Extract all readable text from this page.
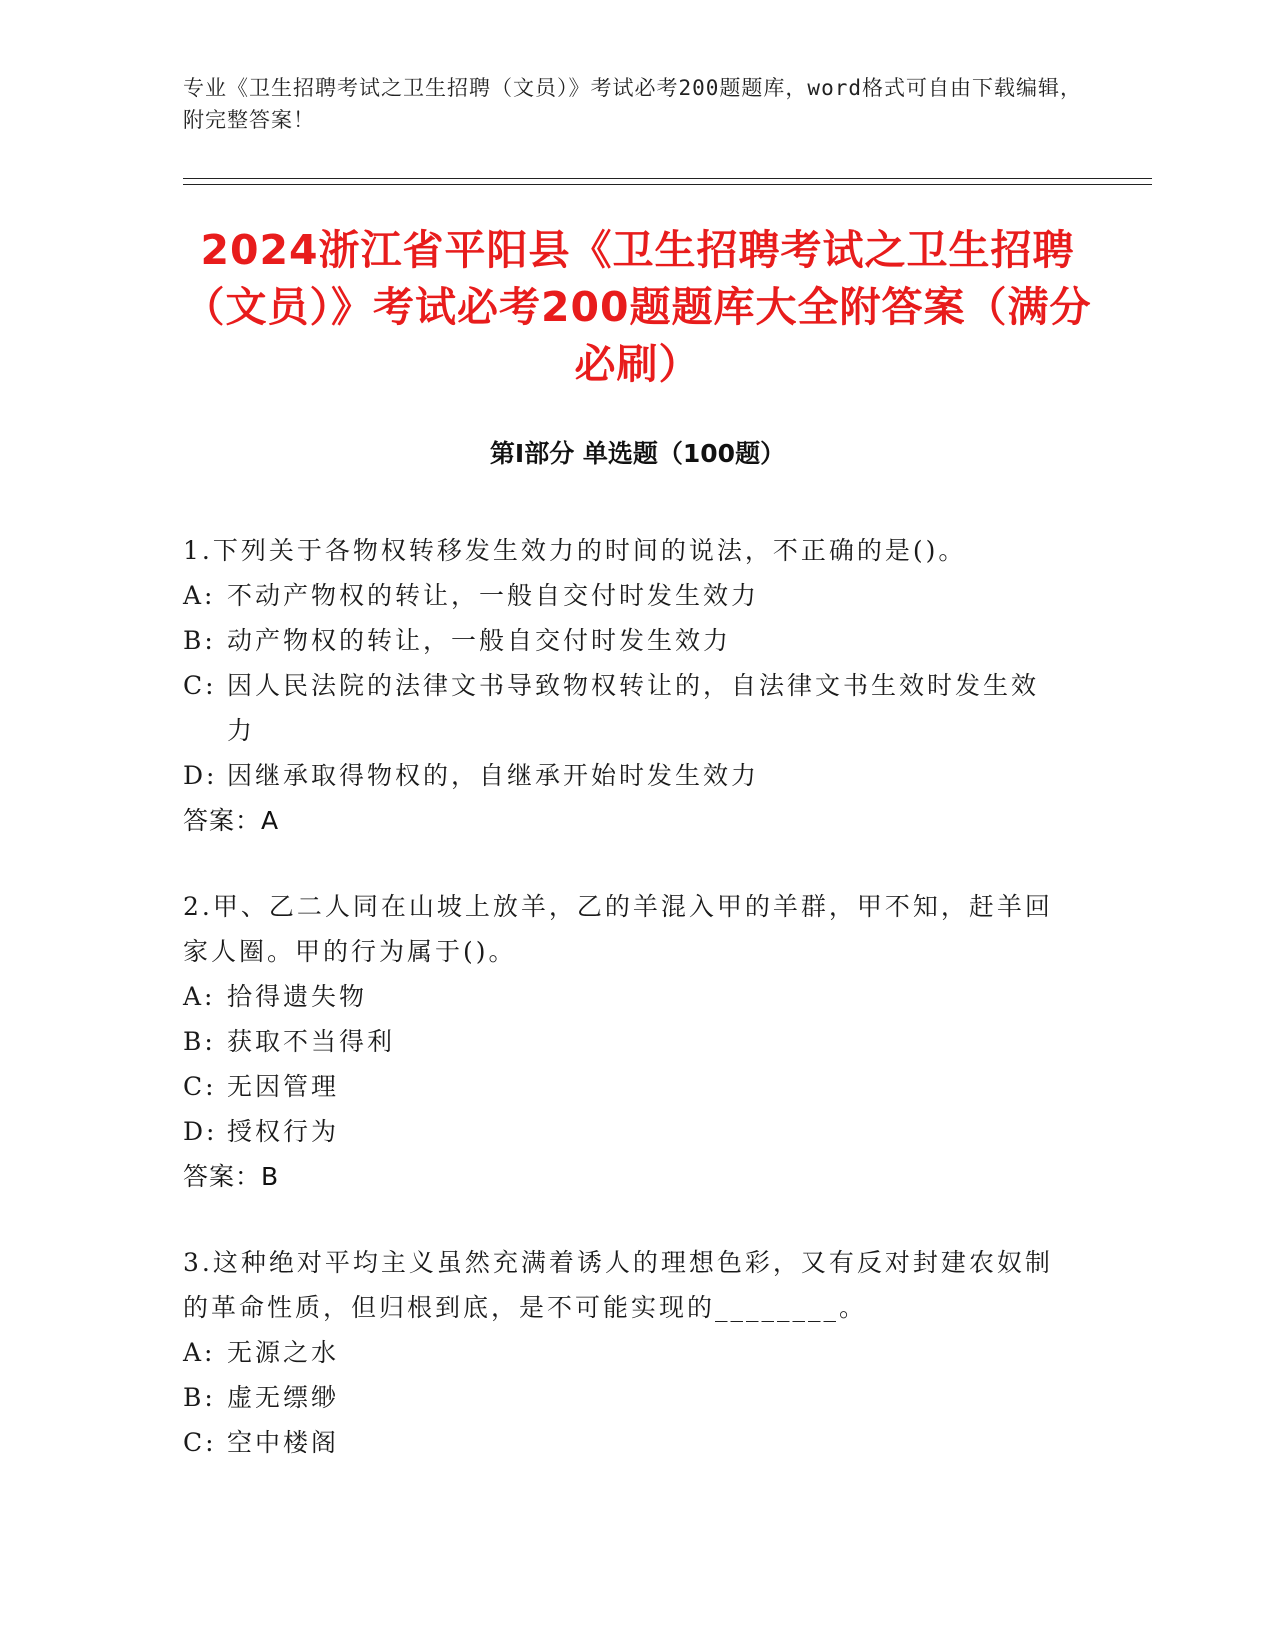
专业《卫生招聘考试之卫生招聘（文员）》考试必考200题题库，word格式可自由下载编辑，附完整答案！
2024浙江省平阳县《卫生招聘考试之卫生招聘（文员）》考试必考200题题库大全附答案（满分必刷）
第Ⅰ部分 单选题（100题）
1.下列关于各物权转移发生效力的时间的说法，不正确的是()。
A: 不动产物权的转让，一般自交付时发生效力
B: 动产物权的转让，一般自交付时发生效力
C: 因人民法院的法律文书导致物权转让的，自法律文书生效时发生效力
D: 因继承取得物权的，自继承开始时发生效力
答案：A
2.甲、乙二人同在山坡上放羊，乙的羊混入甲的羊群，甲不知，赶羊回家人圈。甲的行为属于()。
A: 拾得遗失物
B: 获取不当得利
C: 无因管理
D: 授权行为
答案：B
3.这种绝对平均主义虽然充满着诱人的理想色彩，又有反对封建农奴制的革命性质，但归根到底，是不可能实现的________。
A: 无源之水
B: 虚无缥缈
C: 空中楼阁
